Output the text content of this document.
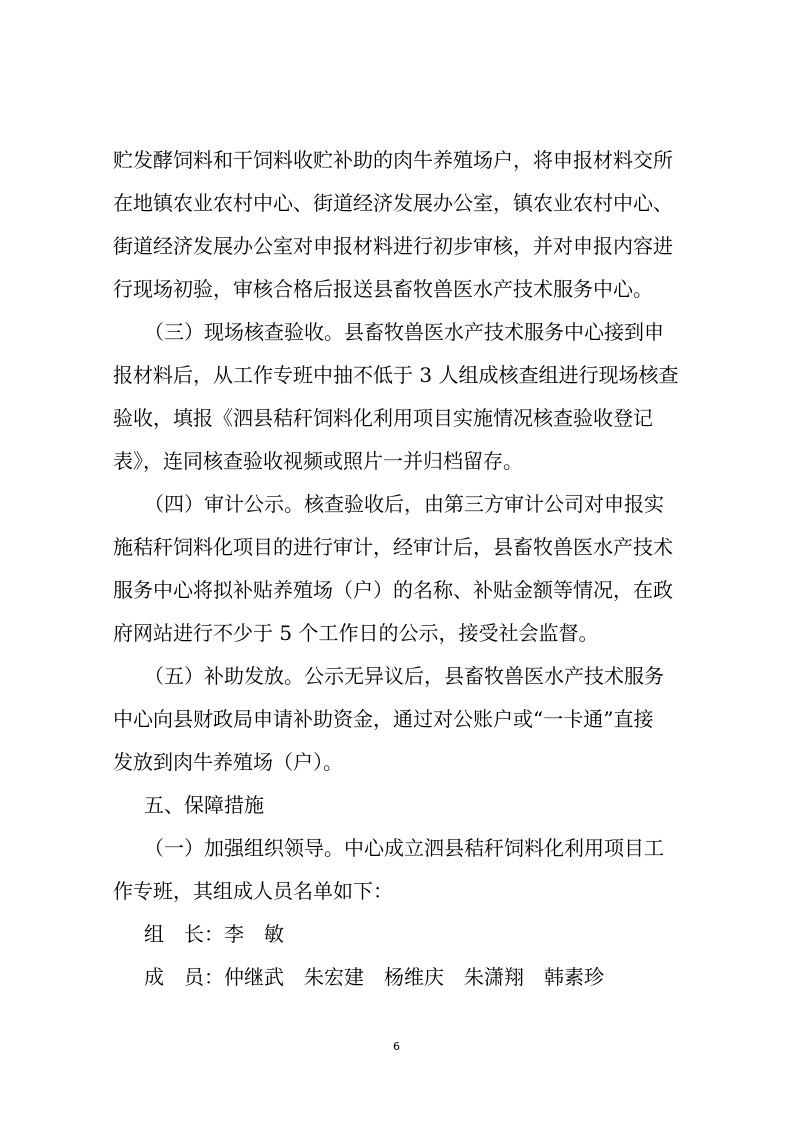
贮发酵饲料和干饲料收贮补助的肉牛养殖场户，将申报材料交所
在地镇农业农村中心、街道经济发展办公室，镇农业农村中心、
街道经济发展办公室对申报材料进行初步审核，并对申报内容进
行现场初验，审核合格后报送县畜牧兽医水产技术服务中心。
（三）现场核查验收。县畜牧兽医水产技术服务中心接到申
报材料后，从工作专班中抽不低于 3 人组成核查组进行现场核查
验收，填报《泗县秸秆饲料化利用项目实施情况核查验收登记
表》，连同核查验收视频或照片一并归档留存。
（四）审计公示。核查验收后，由第三方审计公司对申报实
施秸秆饲料化项目的进行审计，经审计后，县畜牧兽医水产技术
服务中心将拟补贴养殖场（户）的名称、补贴金额等情况，在政
府网站进行不少于 5 个工作日的公示，接受社会监督。
（五）补助发放。公示无异议后，县畜牧兽医水产技术服务
中心向县财政局申请补助资金，通过对公账户或“一卡通”直接
发放到肉牛养殖场（户）。
五、保障措施
（一）加强组织领导。中心成立泗县秸秆饲料化利用项目工
作专班，其组成人员名单如下：
组　长：李　敏
成　员：仲继武　朱宏建　杨维庆　朱潇翔　韩素珍
6
